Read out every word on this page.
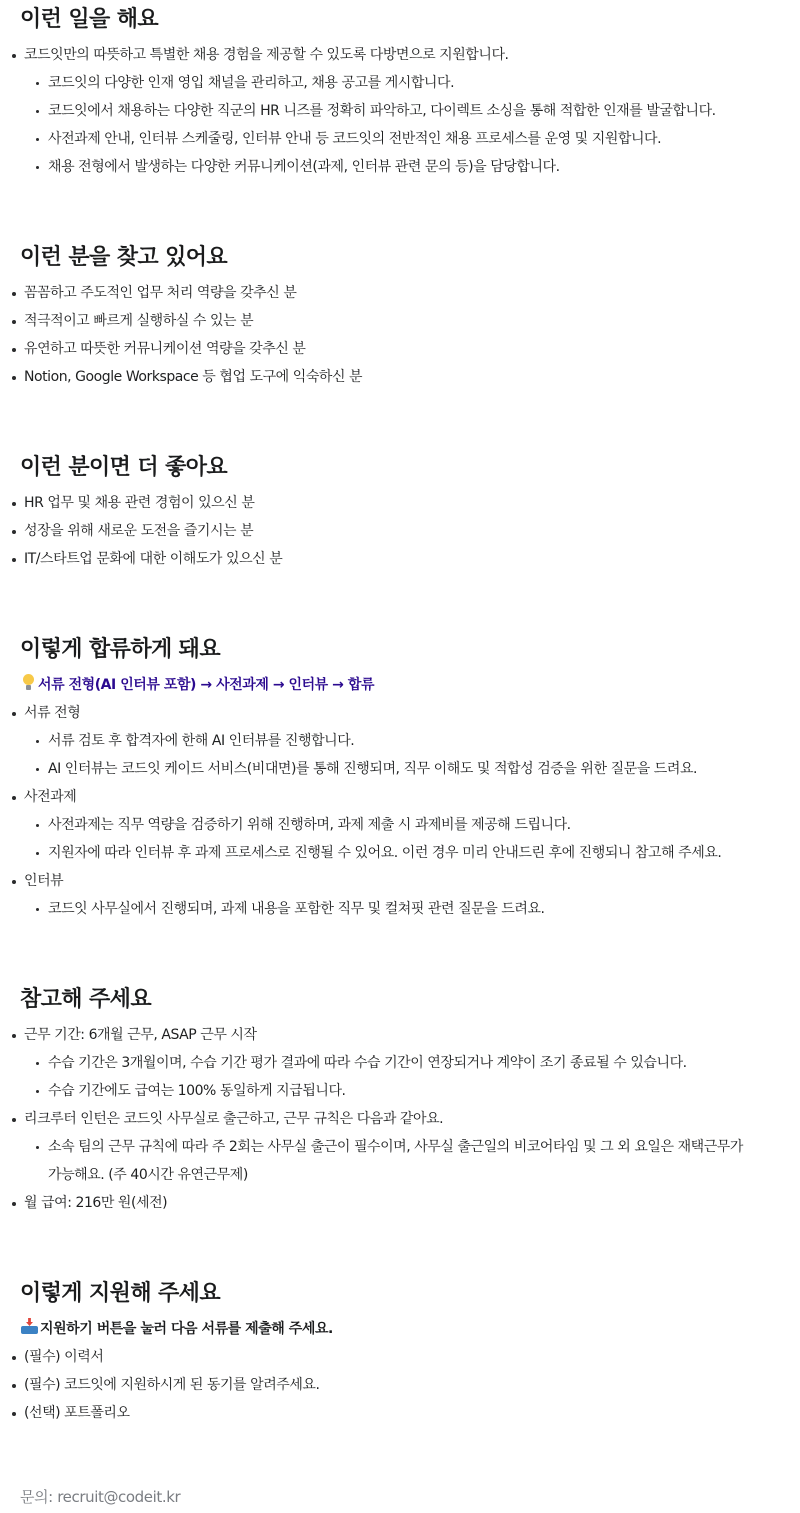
이런 일을 해요
코드잇만의 따뜻하고 특별한 채용 경험을 제공할 수 있도록 다방면으로 지원합니다.
코드잇의 다양한 인재 영입 채널을 관리하고, 채용 공고를 게시합니다.
코드잇에서 채용하는 다양한 직군의 HR 니즈를 정확히 파악하고, 다이렉트 소싱을 통해 적합한 인재를 발굴합니다.
사전과제 안내, 인터뷰 스케줄링, 인터뷰 안내 등 코드잇의 전반적인 채용 프로세스를 운영 및 지원합니다.
채용 전형에서 발생하는 다양한 커뮤니케이션(과제, 인터뷰 관련 문의 등)을 담당합니다.
이런 분을 찾고 있어요
꼼꼼하고 주도적인 업무 처리 역량을 갖추신 분
적극적이고 빠르게 실행하실 수 있는 분
유연하고 따뜻한 커뮤니케이션 역량을 갖추신 분
Notion, Google Workspace 등 협업 도구에 익숙하신 분
이런 분이면 더 좋아요
HR 업무 및 채용 관련 경험이 있으신 분
성장을 위해 새로운 도전을 즐기시는 분
IT/스타트업 문화에 대한 이해도가 있으신 분
이렇게 합류하게 돼요
서류 전형(AI 인터뷰 포함) → 사전과제 → 인터뷰 → 합류
서류 전형
서류 검토 후 합격자에 한해 AI 인터뷰를 진행합니다.
AI 인터뷰는 코드잇 케이드 서비스(비대면)를 통해 진행되며, 직무 이해도 및 적합성 검증을 위한 질문을 드려요.
사전과제
사전과제는 직무 역량을 검증하기 위해 진행하며, 과제 제출 시 과제비를 제공해 드립니다.
지원자에 따라 인터뷰 후 과제 프로세스로 진행될 수 있어요. 이런 경우 미리 안내드린 후에 진행되니 참고해 주세요.
인터뷰
코드잇 사무실에서 진행되며, 과제 내용을 포함한 직무 및 컬쳐핏 관련 질문을 드려요.
참고해 주세요
근무 기간: 6개월 근무, ASAP 근무 시작
수습 기간은 3개월이며, 수습 기간 평가 결과에 따라 수습 기간이 연장되거나 계약이 조기 종료될 수 있습니다.
수습 기간에도 급여는 100% 동일하게 지급됩니다.
리크루터 인턴은 코드잇 사무실로 출근하고, 근무 규칙은 다음과 같아요.
소속 팀의 근무 규칙에 따라 주 2회는 사무실 출근이 필수이며, 사무실 출근일의 비코어타임 및 그 외 요일은 재택근무가 가능해요. (주 40시간 유연근무제)
월 급여: 216만 원(세전)
이렇게 지원해 주세요
지원하기 버튼을 눌러 다음 서류를 제출해 주세요.
(필수) 이력서
(필수) 코드잇에 지원하시게 된 동기를 알려주세요.
(선택) 포트폴리오
문의: recruit@codeit.kr
